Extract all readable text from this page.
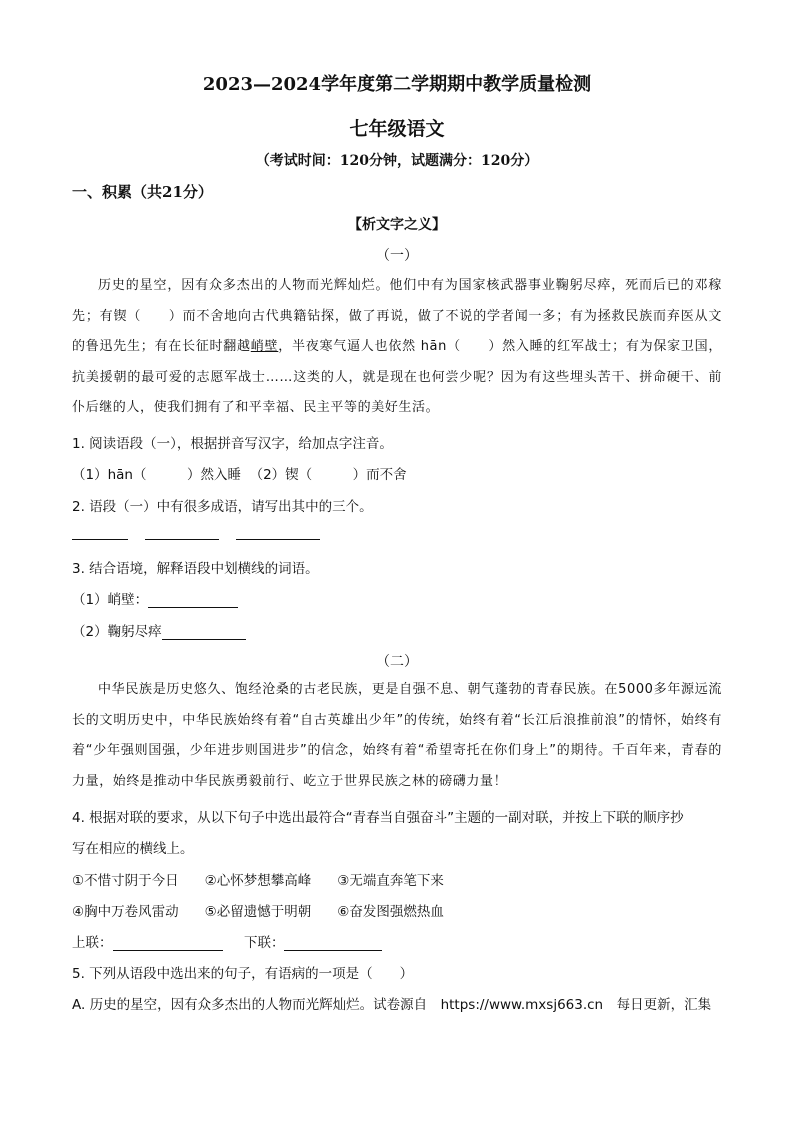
2023—2024学年度第二学期期中教学质量检测
七年级语文
（考试时间：120分钟，试题满分：120分）
一、积累（共21分）
【析文字之义】
（一）
历史的星空，因有众多杰出的人物而光辉灿烂。他们中有为国家核武器事业鞠躬尽瘁，死而后已的邓稼先；有锲（　　）而不舍地向古代典籍钻探，做了再说，做了不说的学者闻一多；有为拯救民族而弃医从文的鲁迅先生；有在长征时翻越峭壁，半夜寒气逼人也依然 hān（　　）然入睡的红军战士；有为保家卫国，抗美援朝的最可爱的志愿军战士……这类的人，就是现在也何尝少呢？因为有这些埋头苦干、拼命硬干、前仆后继的人，使我们拥有了和平幸福、民主平等的美好生活。
1. 阅读语段（一），根据拼音写汉字，给加点字注音。
（1）hān（　　　）然入睡 （2）锲（　　　）而不舍
2. 语段（一）中有很多成语，请写出其中的三个。

3. 结合语境，解释语段中划横线的词语。
（1）峭壁：
（2）鞠躬尽瘁
（二）
中华民族是历史悠久、饱经沧桑的古老民族，更是自强不息、朝气蓬勃的青春民族。在5000多年源远流长的文明历史中，中华民族始终有着“自古英雄出少年”的传统，始终有着“长江后浪推前浪”的情怀，始终有着“少年强则国强，少年进步则国进步”的信念，始终有着“希望寄托在你们身上”的期待。千百年来，青春的力量，始终是推动中华民族勇毅前行、屹立于世界民族之林的磅礴力量！
4. 根据对联的要求，从以下句子中选出最符合“青春当自强奋斗”主题的一副对联，并按上下联的顺序抄
写在相应的横线上。
①不惜寸阴于今日 ②心怀梦想攀高峰 ③无端直奔笔下来
④胸中万卷风雷动 ⑤必留遗憾于明朝 ⑥奋发图强燃热血
上联：	下联：
5. 下列从语段中选出来的句子，有语病的一项是（　　）
A. 历史的星空，因有众多杰出的人物而光辉灿烂。试卷源自　https://www.mxsj663.cn　每日更新，汇集
